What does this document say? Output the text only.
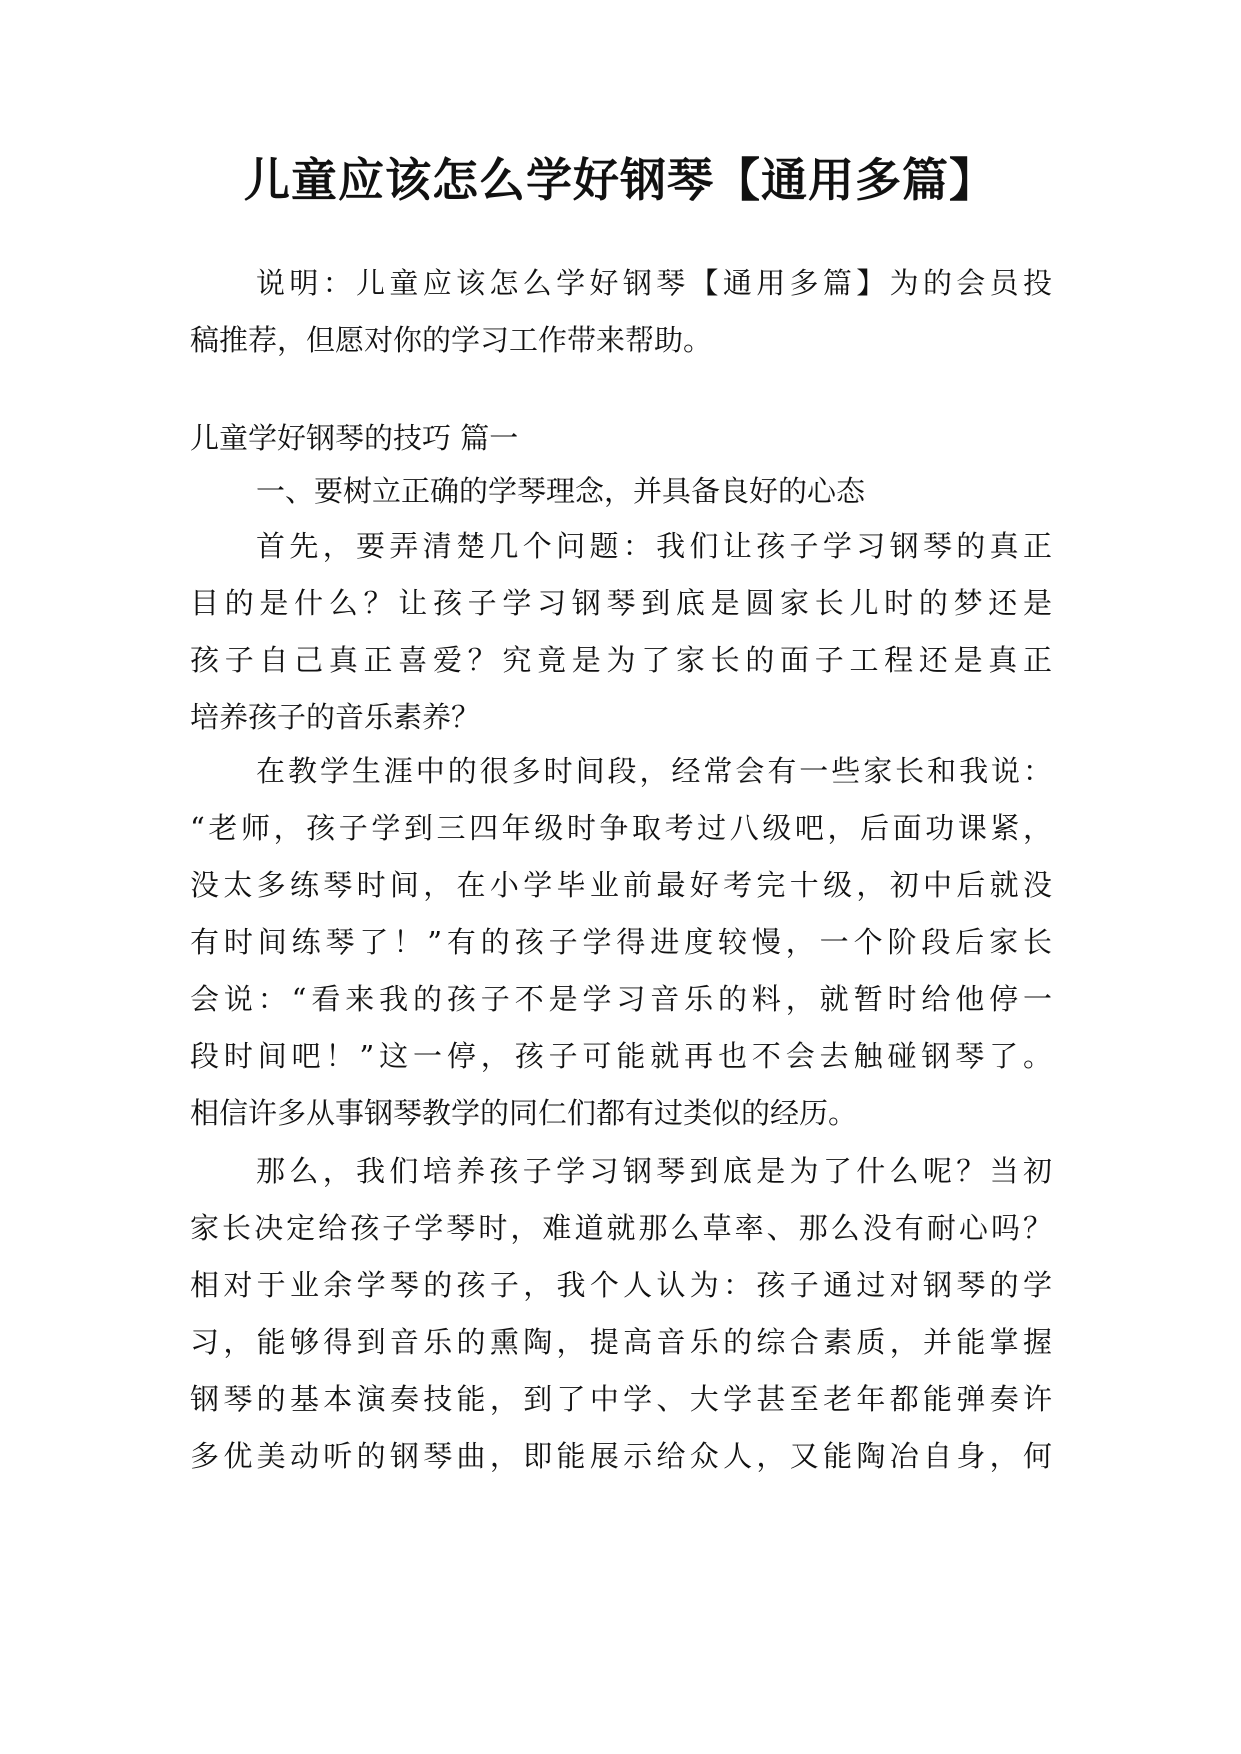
儿童应该怎么学好钢琴【通用多篇】
说明：儿童应该怎么学好钢琴【通用多篇】为的会员投
稿推荐，但愿对你的学习工作带来帮助。
儿童学好钢琴的技巧 篇一
一、要树立正确的学琴理念，并具备良好的心态
首先，要弄清楚几个问题：我们让孩子学习钢琴的真正
目的是什么？让孩子学习钢琴到底是圆家长儿时的梦还是
孩子自己真正喜爱？究竟是为了家长的面子工程还是真正
培养孩子的音乐素养？
在教学生涯中的很多时间段，经常会有一些家长和我说：
“老师，孩子学到三四年级时争取考过八级吧，后面功课紧，
没太多练琴时间，在小学毕业前最好考完十级，初中后就没
有时间练琴了！”有的孩子学得进度较慢，一个阶段后家长
会说：“看来我的孩子不是学习音乐的料，就暂时给他停一
段时间吧！”这一停，孩子可能就再也不会去触碰钢琴了。
相信许多从事钢琴教学的同仁们都有过类似的经历。
那么，我们培养孩子学习钢琴到底是为了什么呢？当初
家长决定给孩子学琴时，难道就那么草率、那么没有耐心吗？
相对于业余学琴的孩子，我个人认为：孩子通过对钢琴的学
习，能够得到音乐的熏陶，提高音乐的综合素质，并能掌握
钢琴的基本演奏技能，到了中学、大学甚至老年都能弹奏许
多优美动听的钢琴曲，即能展示给众人，又能陶冶自身，何
